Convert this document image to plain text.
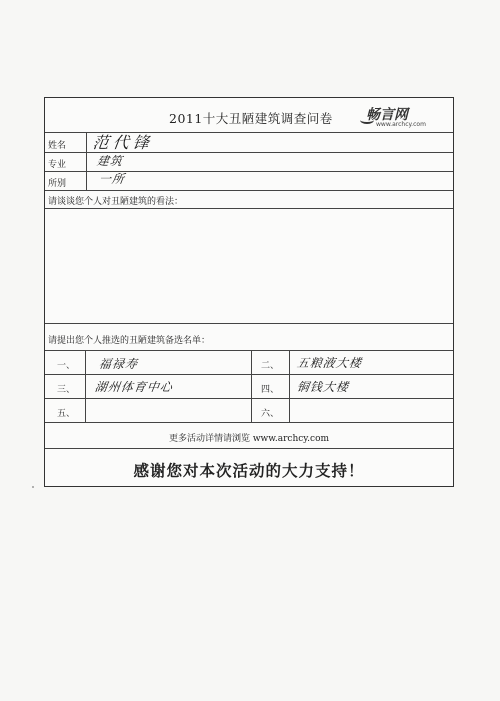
2011十大丑陋建筑调查问卷 畅言网
www.archcy.com
姓名 范代锋
专业 建筑
所别	一所
请谈谈您个人对丑陋建筑的看法：
请提出您个人推选的丑陋建筑备选名单：
一、 福禄寿	二、 五粮液大楼
三、 湖州体育中心	四、 铜钱大楼
五、	六、
更多活动详情请浏览 www.archcy.com
感谢您对本次活动的大力支持！
